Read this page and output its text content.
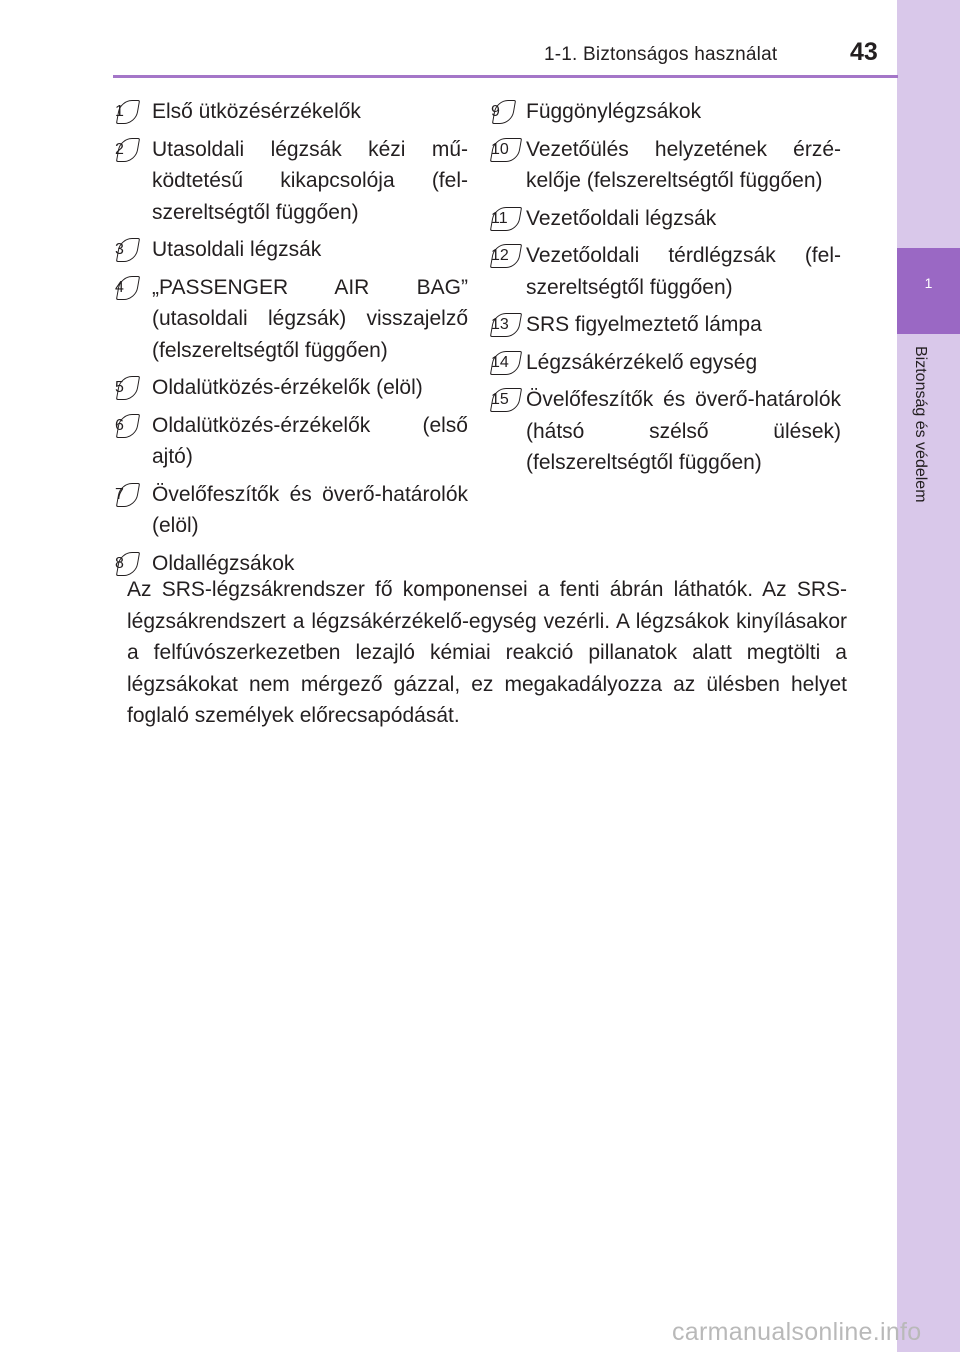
1
Biztonság és védelem
1-1. Biztonságos használat	43
1	Első ütközésérzékelők
2	Utasoldali légzsák kézi működtetésű kikapcsolója (felszereltségtől függően)
3	Utasoldali légzsák
4	„PASSENGER AIR BAG” (utasoldali légzsák) visszajelző (felszereltségtől függően)
5	Oldalütközés-érzékelők (elöl)
6	Oldalütközés-érzékelők (első ajtó)
7	Övelőfeszítők és överő-határolók (elöl)
8	Oldallégzsákok
9	Függönylégzsákok
10 Vezetőülés helyzetének érzékelője (felszereltségtől függően)
11 Vezetőoldali légzsák
12 Vezetőoldali térdlégzsák (felszereltségtől függően)
13 SRS figyelmeztető lámpa
14 Légzsákérzékelő egység
15 Övelőfeszítők és överő-határolók (hátsó szélső ülések) (felszereltségtől függően)

Az SRS-légzsákrendszer fő komponensei a fenti ábrán láthatók. Az SRS-légzsákrendszert a légzsákérzékelő-egység vezérli. A légzsákok kinyílásakor a felfúvószerkezetben lezajló kémiai reakció pillanatok alatt megtölti a légzsákokat nem mérgező gázzal, ez megakadályozza az ülésben helyet foglaló személyek előrecsapódását.

carmanualsonline.info
